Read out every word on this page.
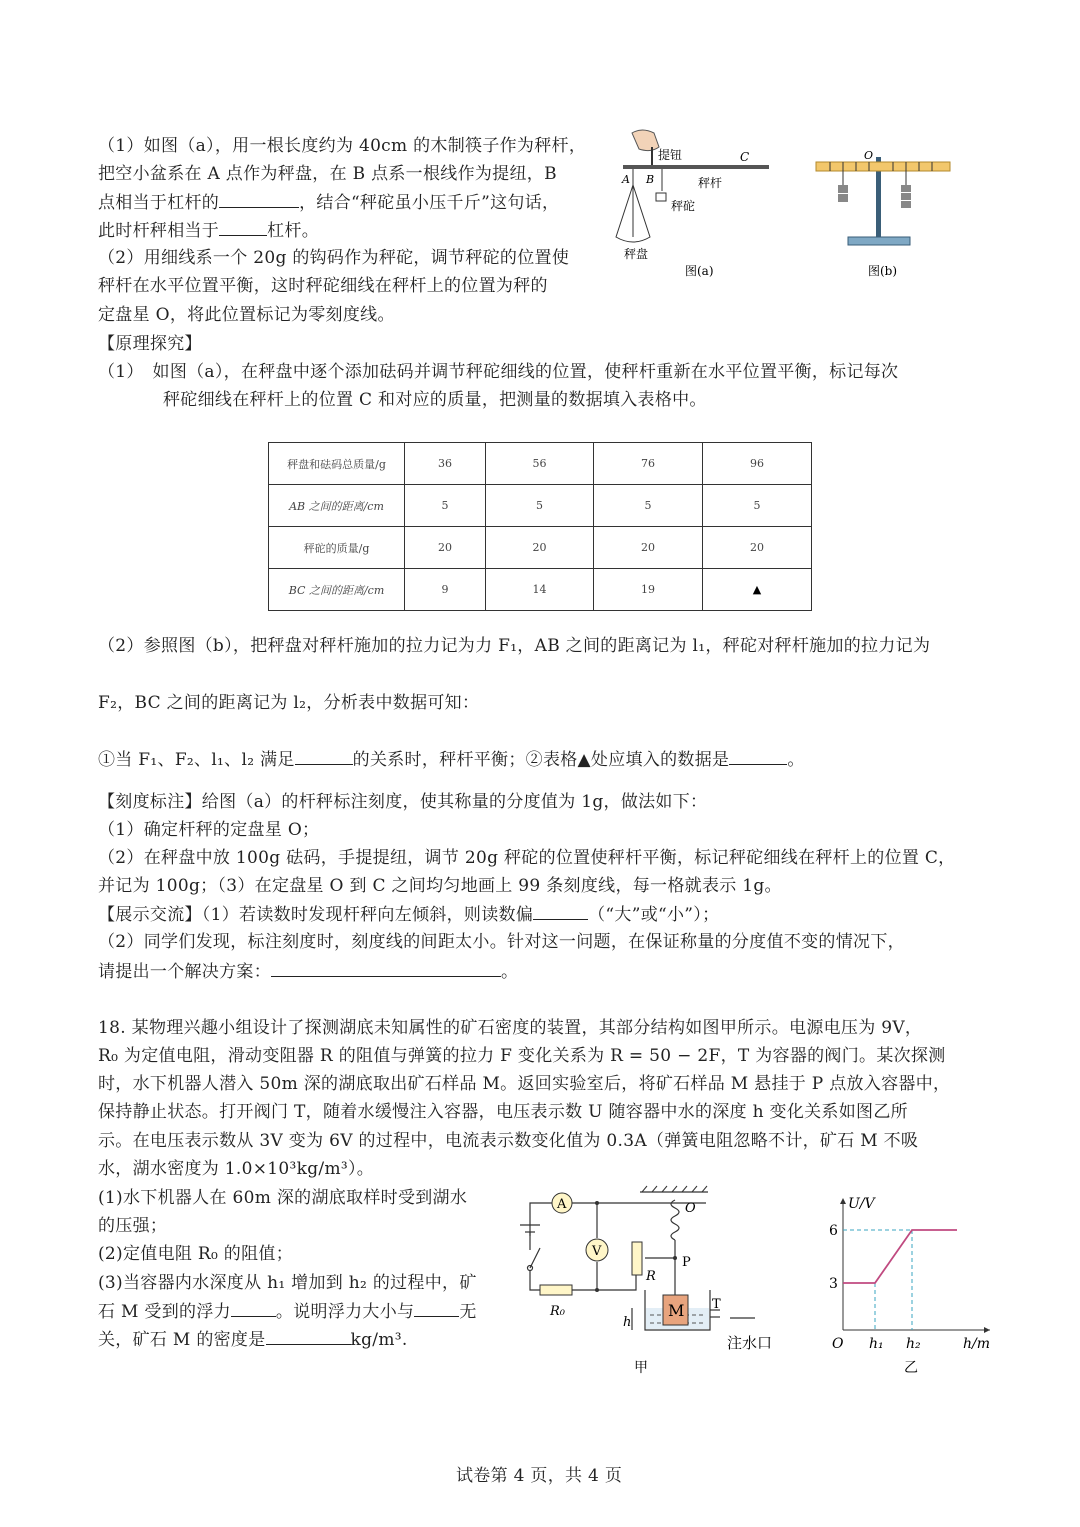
（1）如图（a），用一根长度约为 40cm 的木制筷子作为秤杆，
把空小盆系在 A 点作为秤盘，在 B 点系一根线作为提纽，B
点相当于杠杆的	，结合“秤砣虽小压千斤”这句话，
此时杆秤相当于	杠杆。
（2）用细线系一个 20g 的钩码作为秤砣，调节秤砣的位置使
秤杆在水平位置平衡，这时秤砣细线在秤杆上的位置为秤的
定盘星 O，将此位置标记为零刻度线。
【原理探究】
（1）　如图（a），在秤盘中逐个添加砝码并调节秤砣细线的位置，使秤杆重新在水平位置平衡，标记每次
秤砣细线在秤杆上的位置 C 和对应的质量，把测量的数据填入表格中。
提钮	C
秤杆
A B
秤砣
秤盘
图(a)
O
图(b)
秤盘和砝码总质量/g	36	56	76	96
AB 之间的距离/cm	5	5	5	5
秤砣的质量/g	20	20	20	20
BC 之间的距离/cm	9	14	19	▲
（2）参照图（b），把秤盘对秤杆施加的拉力记为力 F₁，AB 之间的距离记为 l₁，秤砣对秤杆施加的拉力记为
F₂，BC 之间的距离记为 l₂，分析表中数据可知：
①当 F₁、F₂、l₁、l₂ 满足	的关系时，秤杆平衡；②表格▲处应填入的数据是	。
【刻度标注】给图（a）的杆秤标注刻度，使其称量的分度值为 1g，做法如下：
（1）确定杆秤的定盘星 O；
（2）在秤盘中放 100g 砝码，手提提纽，调节 20g 秤砣的位置使秤杆平衡，标记秤砣细线在秤杆上的位置 C，
并记为 100g；（3）在定盘星 O 到 C 之间均匀地画上 99 条刻度线，每一格就表示 1g。
【展示交流】（1）若读数时发现杆秤向左倾斜，则读数偏	（“大”或“小”）；
（2）同学们发现，标注刻度时，刻度线的间距太小。针对这一问题，在保证称量的分度值不变的情况下，
请提出一个解决方案：	。
18. 某物理兴趣小组设计了探测湖底未知属性的矿石密度的装置，其部分结构如图甲所示。电源电压为 9V，
R₀ 为定值电阻，滑动变阻器 R 的阻值与弹簧的拉力 F 变化关系为 R = 50 − 2F，T 为容器的阀门。某次探测
时，水下机器人潜入 50m 深的湖底取出矿石样品 M。返回实验室后，将矿石样品 M 悬挂于 P 点放入容器中，
保持静止状态。打开阀门 T，随着水缓慢注入容器，电压表示数 U 随容器中水的深度 h 变化关系如图乙所
示。在电压表示数从 3V 变为 6V 的过程中，电流表示数变化值为 0.3A（弹簧电阻忽略不计，矿石 M 不吸
水，湖水密度为 1.0×10³kg/m³）。
(1)水下机器人在 60m 深的湖底取样时受到湖水
的压强；
(2)定值电阻 R₀ 的阻值；
(3)当容器内水深度从 h₁ 增加到 h₂ 的过程中，矿
石 M 受到的浮力	。说明浮力大小与	无
关，矿石 M 的密度是	kg/m³.
A
V
O
P
R
R₀	M T
h
注水口
甲
U/V
h/m
O
6
3
h₁ h₂
乙
试卷第 4 页，共 4 页
